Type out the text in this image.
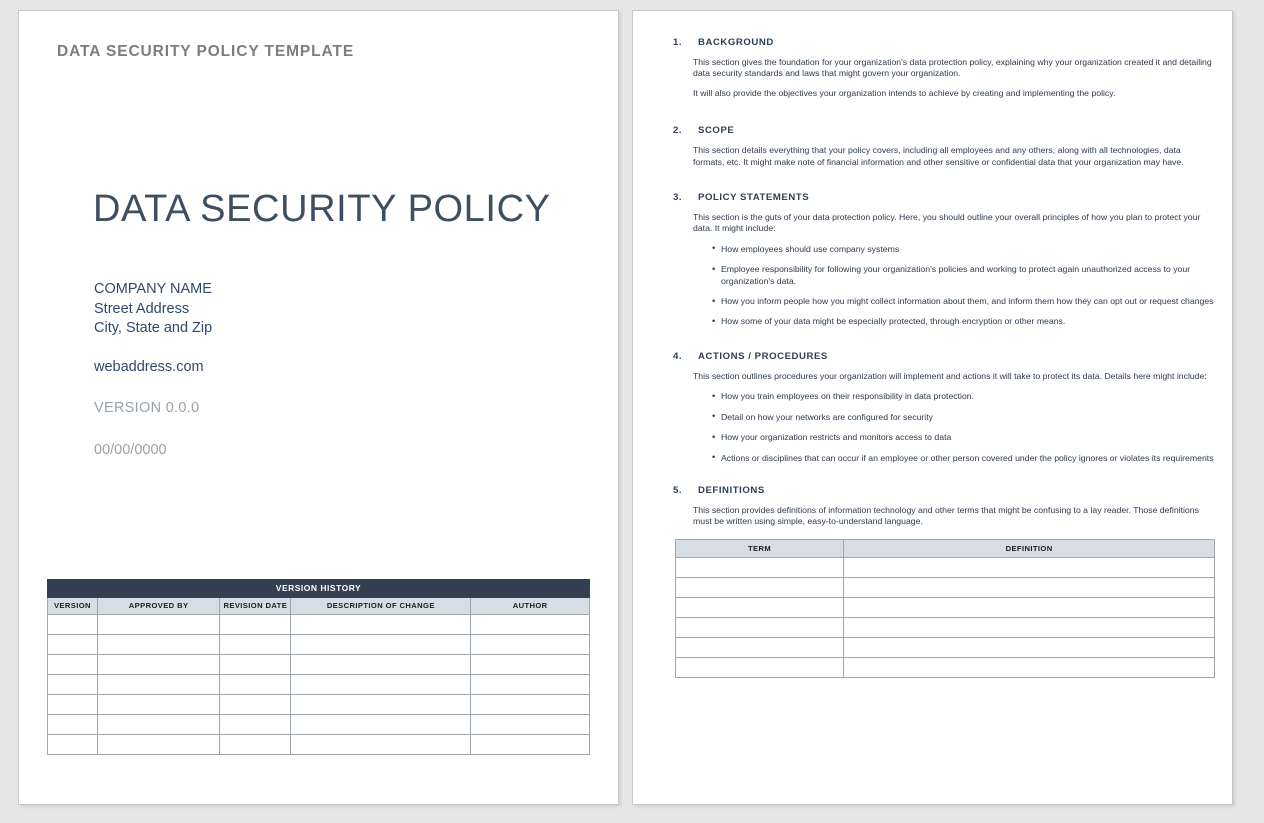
DATA SECURITY POLICY TEMPLATE
DATA SECURITY POLICY
COMPANY NAME
Street Address
City, State and Zip
webaddress.com
VERSION 0.0.0
00/00/0000
VERSION HISTORY				
VERSION	APPROVED BY	REVISION DATE	DESCRIPTION OF CHANGE	AUTHOR

1. BACKGROUND

This section gives the foundation for your organization's data protection policy, explaining why your organization created it and detailing data security standards and laws that might govern your organization.

It will also provide the objectives your organization intends to achieve by creating and implementing the policy.

2. SCOPE

This section details everything that your policy covers, including all employees and any others, along with all technologies, data formats, etc. It might make note of financial information and other sensitive or confidential data that your organization may have.

3. POLICY STATEMENTS

This section is the guts of your data protection policy. Here, you should outline your overall principles of how you plan to protect your data. It might include:

• How employees should use company systems
• Employee responsibility for following your organization's policies and working to protect again unauthorized access to your organization's data.
• How you inform people how you might collect information about them, and inform them how they can opt out or request changes
• How some of your data might be especially protected, through encryption or other means.
4. ACTIONS / PROCEDURES

This section outlines procedures your organization will implement and actions it will take to protect its data. Details here might include:

• How you train employees on their responsibility in data protection.
• Detail on how your networks are configured for security
• How your organization restricts and monitors access to data
• Actions or disciplines that can occur if an employee or other person covered under the policy ignores or violates its requirements
5. DEFINITIONS

This section provides definitions of information technology and other terms that might be confusing to a lay reader. Those definitions must be written using simple, easy-to-understand language.

TERM	DEFINITION
